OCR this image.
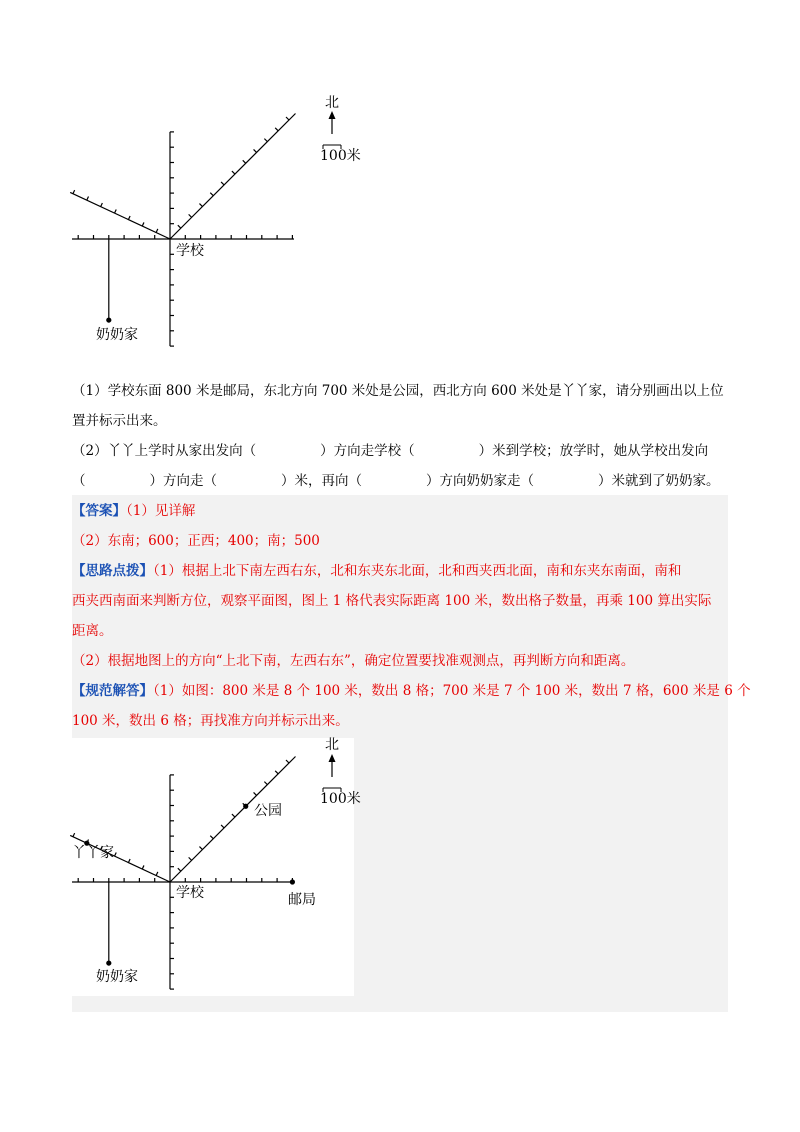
北
100米
学校
奶奶家
（1）学校东面 800 米是邮局，东北方向 700 米处是公园，西北方向 600 米处是丫丫家，请分别画出以上位
置并标示出来。
（2）丫丫上学时从家出发向（	）方向走学校（	）米到学校；放学时，她从学校出发向
（	）方向走（	）米，再向（	）方向奶奶家走（	）米就到了奶奶家。
【答案】（1）见详解
（2）东南；600；正西；400；南；500
【思路点拨】（1）根据上北下南左西右东，北和东夹东北面，北和西夹西北面，南和东夹东南面，南和
西夹西南面来判断方位，观察平面图，图上 1 格代表实际距离 100 米，数出格子数量，再乘 100 算出实际
距离。
（2）根据地图上的方向“上北下南，左西右东”，确定位置要找准观测点，再判断方向和距离。
【规范解答】（1）如图：800 米是 8 个 100 米，数出 8 格；700 米是 7 个 100 米，数出 7 格，600 米是 6 个
100 米，数出 6 格；再找准方向并标示出来。
北
100米
公园
丫丫家
学校	邮局
奶奶家
